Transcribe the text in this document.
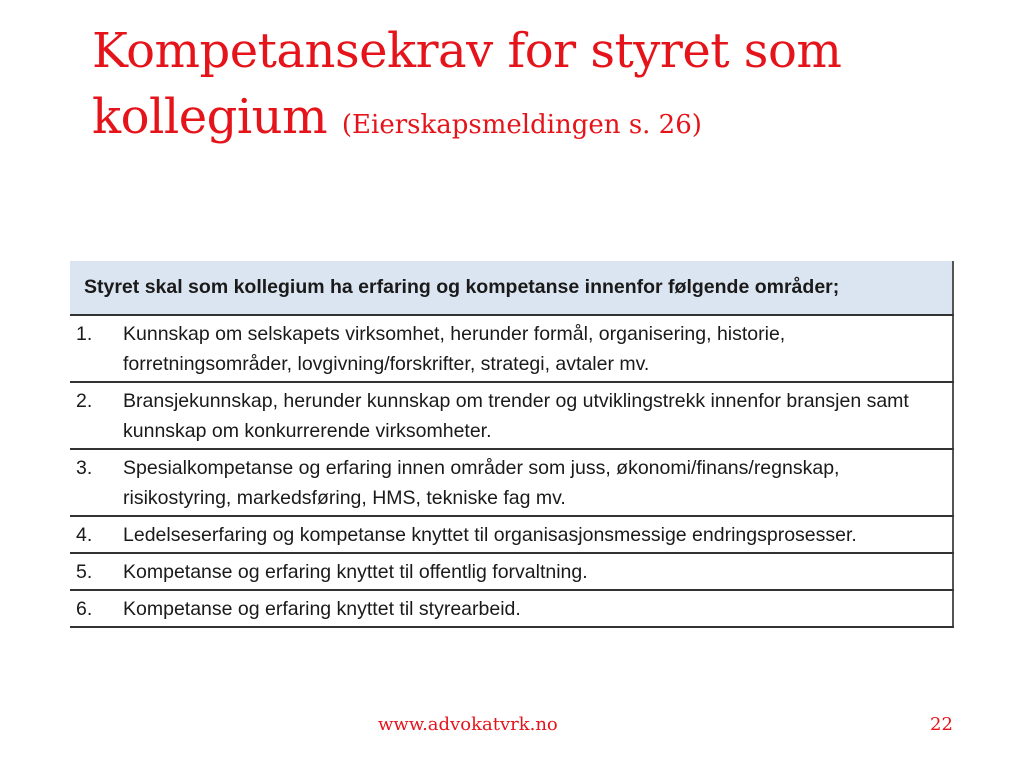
Kompetansekrav for styret som
kollegium (Eierskapsmeldingen s. 26)
Styret skal som kollegium ha erfaring og kompetanse innenfor følgende områder;	
1.	Kunnskap om selskapets virksomhet, herunder formål, organisering, historie, forretningsområder, lovgivning/forskrifter, strategi, avtaler mv.
2.	Bransjekunnskap, herunder kunnskap om trender og utviklingstrekk innenfor bransjen samt kunnskap om konkurrerende virksomheter.
3.	Spesialkompetanse og erfaring innen områder som juss, økonomi/finans/regnskap, risikostyring, markedsføring, HMS, tekniske fag mv.
4.	Ledelseserfaring og kompetanse knyttet til organisasjonsmessige endringsprosesser.
5.	Kompetanse og erfaring knyttet til offentlig forvaltning.
6.	Kompetanse og erfaring knyttet til styrearbeid.
www.advokatvrk.no	22
